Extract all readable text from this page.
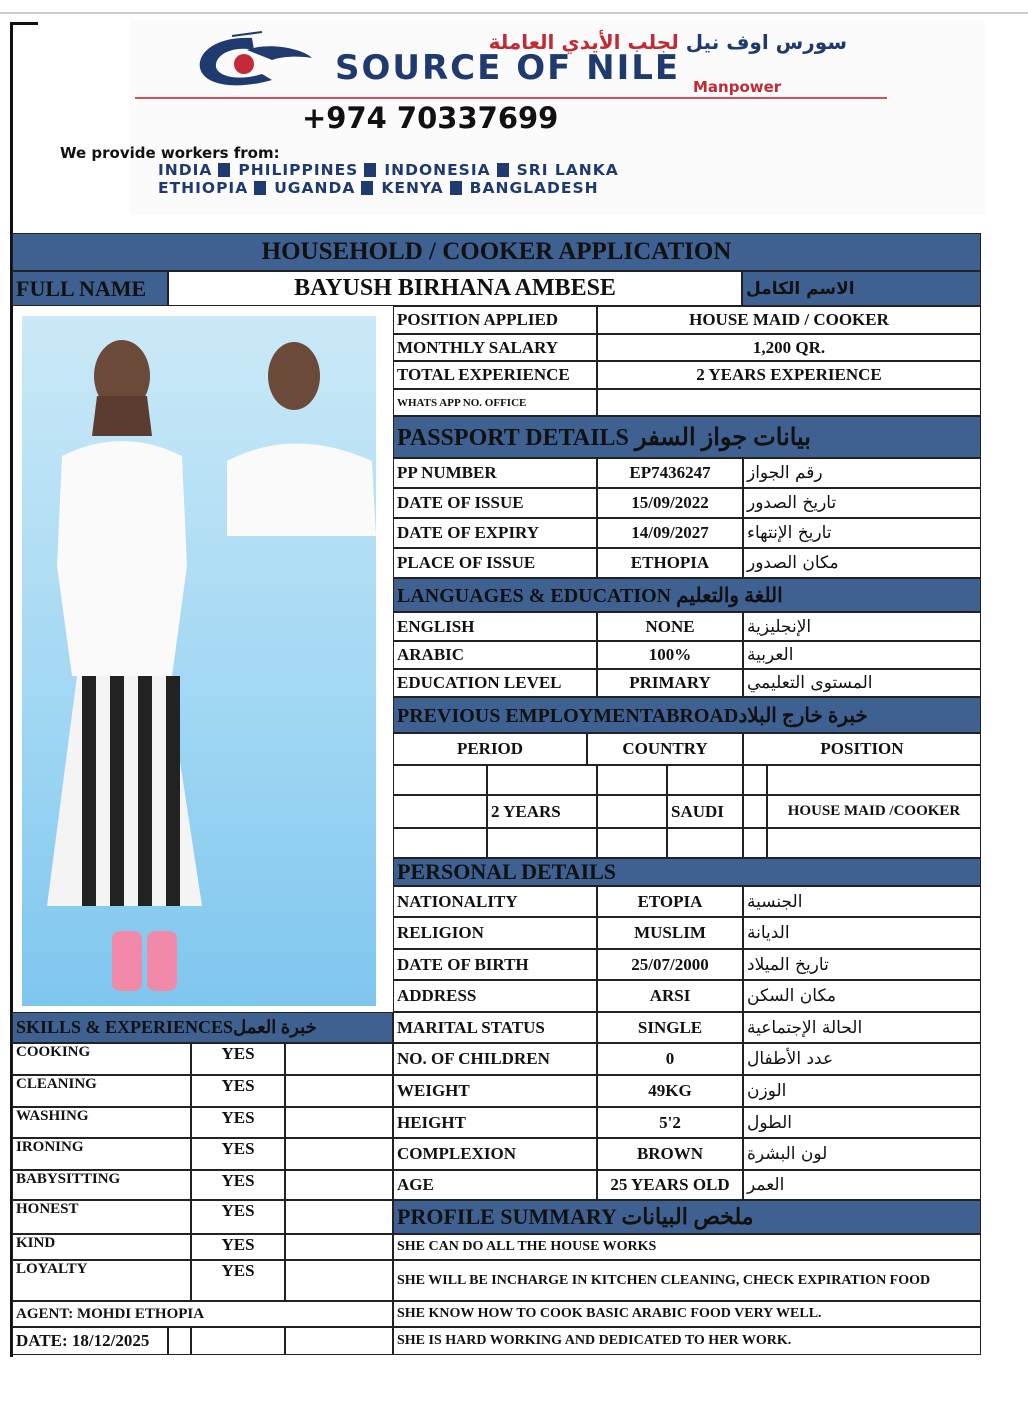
سورس اوف نيل لجلب الأيدي العاملة
SOURCE OF NILE Manpower
+974 70337699
We provide workers from:
INDIA PHILIPPINES INDONESIA SRI LANKA
ETHIOPIA UGANDA KENYA BANGLADESH
HOUSEHOLD / COOKER APPLICATION
FULL NAME	BAYUSH BIRHANA AMBESE	الاسم الكامل
POSITION APPLIED	HOUSE MAID / COOKER
MONTHLY SALARY	1,200 QR.
TOTAL EXPERIENCE	2 YEARS EXPERIENCE
WHATS APP NO. OFFICE
PASSPORT DETAILS بيانات جواز السفر
PP NUMBER	EP7436247 رقم الجواز
DATE OF ISSUE	15/09/2022 تاريخ الصدور
DATE OF EXPIRY	14/09/2027 تاريخ الإنتهاء
PLACE OF ISSUE	ETHOPIA مكان الصدور
LANGUAGES & EDUCATION اللغة والتعليم
ENGLISH	NONE	الإنجليزية
ARABIC	100%	العربية
EDUCATION LEVEL	PRIMARY المستوى التعليمي
PREVIOUS EMPLOYMENTABROADخبرة خارج البلاد
PERIOD	COUNTRY	POSITION
2 YEARS	SAUDI	HOUSE MAID /COOKER
PERSONAL DETAILS
NATIONALITY	ETOPIA	الجنسية
RELIGION	MUSLIM الديانة
DATE OF BIRTH	25/07/2000 تاريخ الميلاد
ADDRESS	ARSI	مكان السكن
MARITAL STATUS	SINGLE	الحالة الإجتماعية
NO. OF CHILDREN	0	عدد الأطفال
WEIGHT	49KG	الوزن
HEIGHT	5'2	الطول
COMPLEXION	BROWN	لون البشرة
AGE	25 YEARS OLD العمر
SKILLS & EXPERIENCESخبرة العمل
COOKING	YES
CLEANING	YES
WASHING	YES
IRONING	YES
BABYSITTING	YES
HONEST	YES
KIND	YES
LOYALTY	YES
AGENT: MOHDI ETHOPIA
DATE: 18/12/2025
PROFILE SUMMARY ملخص البيانات
SHE CAN DO ALL THE HOUSE WORKS
SHE WILL BE INCHARGE IN KITCHEN CLEANING, CHECK EXPIRATION FOOD
SHE KNOW HOW TO COOK BASIC ARABIC FOOD VERY WELL.
SHE IS HARD WORKING AND DEDICATED TO HER WORK.
